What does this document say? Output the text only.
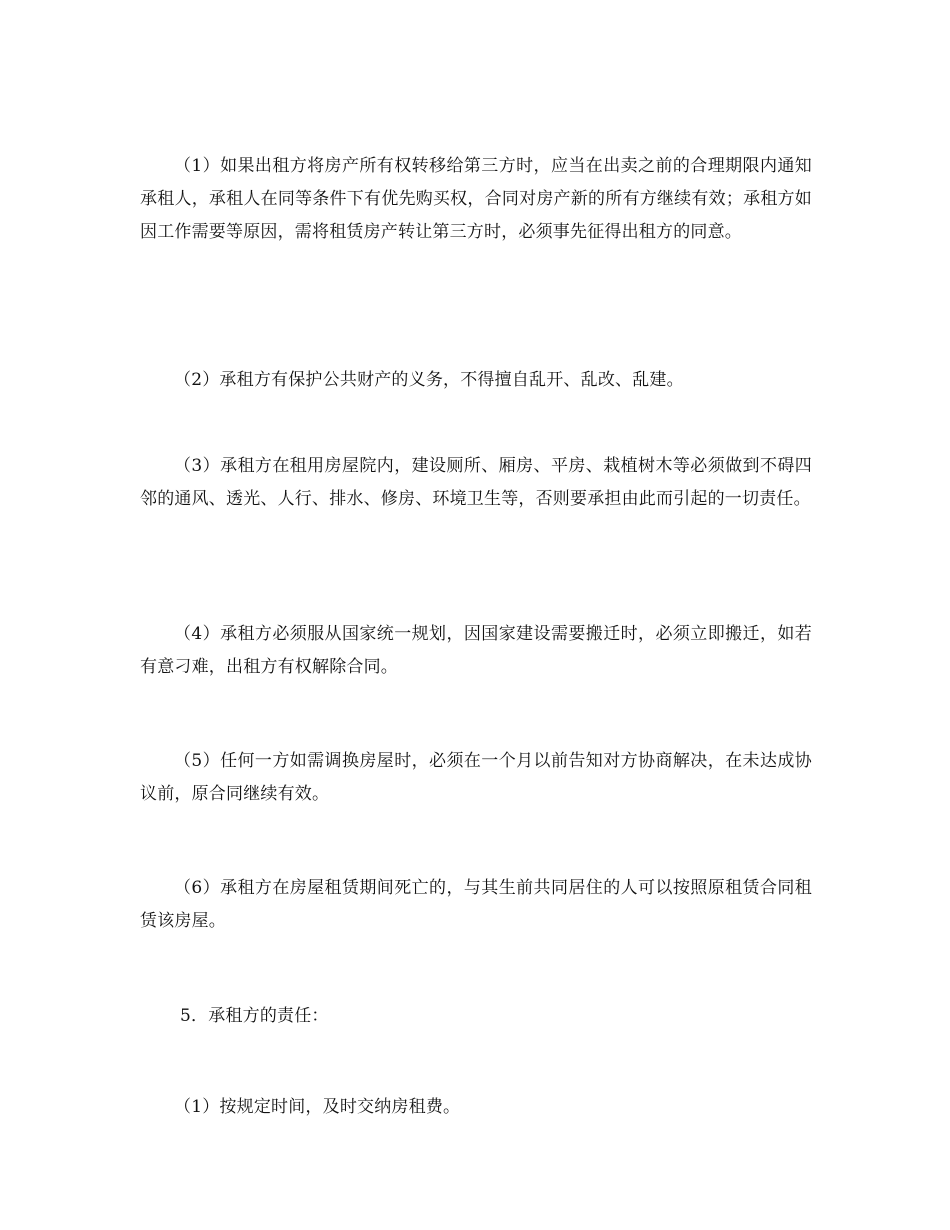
（1）如果出租方将房产所有权转移给第三方时，应当在出卖之前的合理期限内通知承租人，承租人在同等条件下有优先购买权，合同对房产新的所有方继续有效；承租方如因工作需要等原因，需将租赁房产转让第三方时，必须事先征得出租方的同意。

（2）承租方有保护公共财产的义务，不得擅自乱开、乱改、乱建。

（3）承租方在租用房屋院内，建设厕所、厢房、平房、栽植树木等必须做到不碍四邻的通风、透光、人行、排水、修房、环境卫生等，否则要承担由此而引起的一切责任。

（4）承租方必须服从国家统一规划，因国家建设需要搬迁时，必须立即搬迁，如若有意刁难，出租方有权解除合同。

（5）任何一方如需调换房屋时，必须在一个月以前告知对方协商解决，在未达成协议前，原合同继续有效。

（6）承租方在房屋租赁期间死亡的，与其生前共同居住的人可以按照原租赁合同租赁该房屋。

5．承租方的责任：

（1）按规定时间，及时交纳房租费。
